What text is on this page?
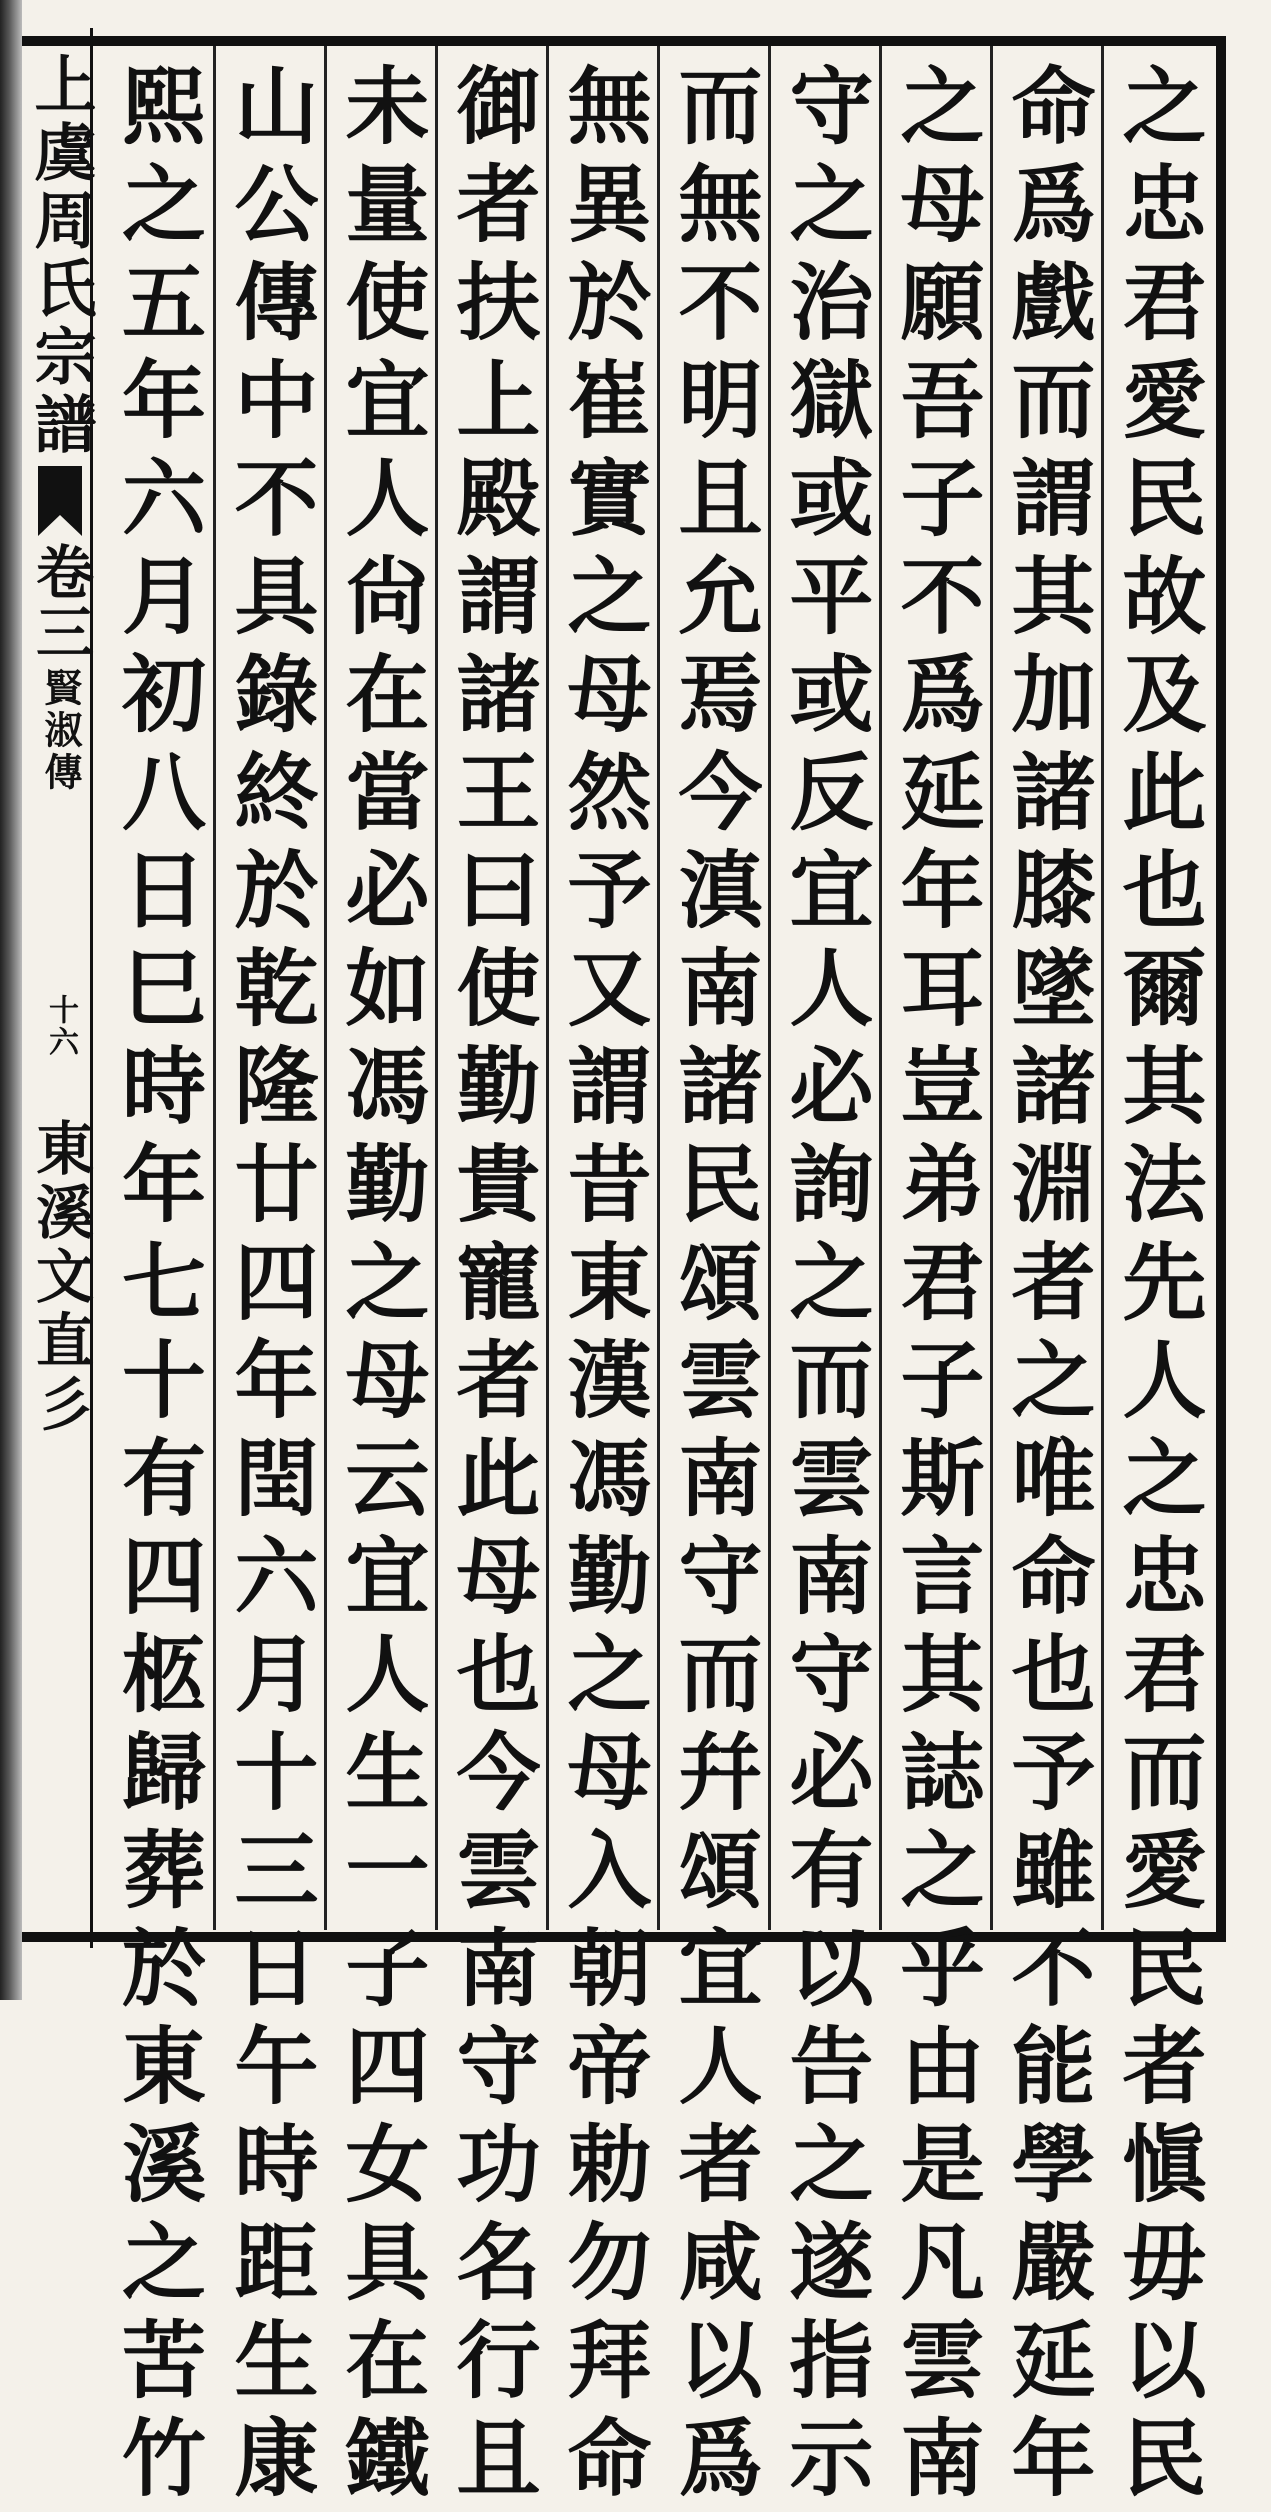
上虞周氏宗譜
卷三
賢淑傳
十六
東溪文直彡	之忠君愛民故及此也爾其法先人之忠君而愛民者愼毋以民
命爲戲而謂其加諸膝墜諸淵者之唯命也予雖不能學嚴延年
之母願吾子不爲延年耳豈弟君子斯言其誌之乎由是凡雲南
守之治獄或平或反宜人必詢之而雲南守必有以告之遂指示
而無不明且允焉今滇南諸民頌雲南守而幷頌宜人者咸以爲
無異於崔實之母然予又謂昔東漢馮勤之母入朝帝勅勿拜命
御者扶上殿謂諸王曰使勤貴寵者此母也今雲南守功名行且
未量使宜人尙在當必如馮勤之母云宜人生一子四女具在鐵
山公傳中不具錄終於乾隆廿四年閏六月十三日午時距生康
熙之五年六月初八日巳時年七十有四柩歸葬於東溪之苦竹
